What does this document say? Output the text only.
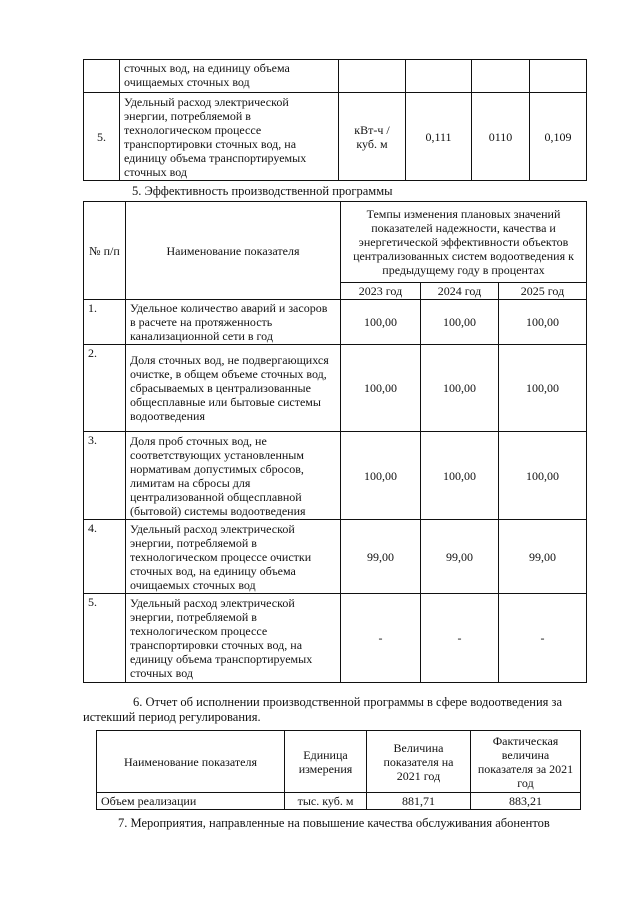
	сточных вод, на единицу объема очищаемых сточных вод				
5.	Удельный расход электрической энергии, потребляемой в технологическом процессе транспортировки сточных вод, на единицу объема транспортируемых сточных вод	кВт-ч / куб. м	0,111	0110	0,109
5. Эффективность производственной программы
№ п/п	Наименование показателя	Темпы изменения плановых значений показателей надежности, качества и энергетической эффективности объектов централизованных систем водоотведения к предыдущему году в процентах		
		2023 год	2024 год	2025 год
1.	Удельное количество аварий и засоров в расчете на протяженность канализационной сети в год	100,00	100,00	100,00
2.	Доля сточных вод, не подвергающихся очистке, в общем объеме сточных вод, сбрасываемых в централизованные общесплавные или бытовые системы водоотведения	100,00	100,00	100,00
3.	Доля проб сточных вод, не соответствующих установленным нормативам допустимых сбросов, лимитам на сбросы для централизованной общесплавной (бытовой) системы водоотведения	100,00	100,00	100,00
4.	Удельный расход электрической энергии, потребляемой в технологическом процессе очистки сточных вод, на единицу объема очищаемых сточных вод	99,00	99,00	99,00
5.	Удельный расход электрической энергии, потребляемой в технологическом процессе транспортировки сточных вод, на единицу объема транспортируемых сточных вод	-	-	-
6. Отчет об исполнении производственной программы в сфере водоотведения за истекший период регулирования.
Наименование показателя	Единица измерения	Величина показателя на 2021 год	Фактическая величина показателя за 2021 год
Объем реализации	тыс. куб. м	881,71	883,21
7. Мероприятия, направленные на повышение качества обслуживания абонентов
